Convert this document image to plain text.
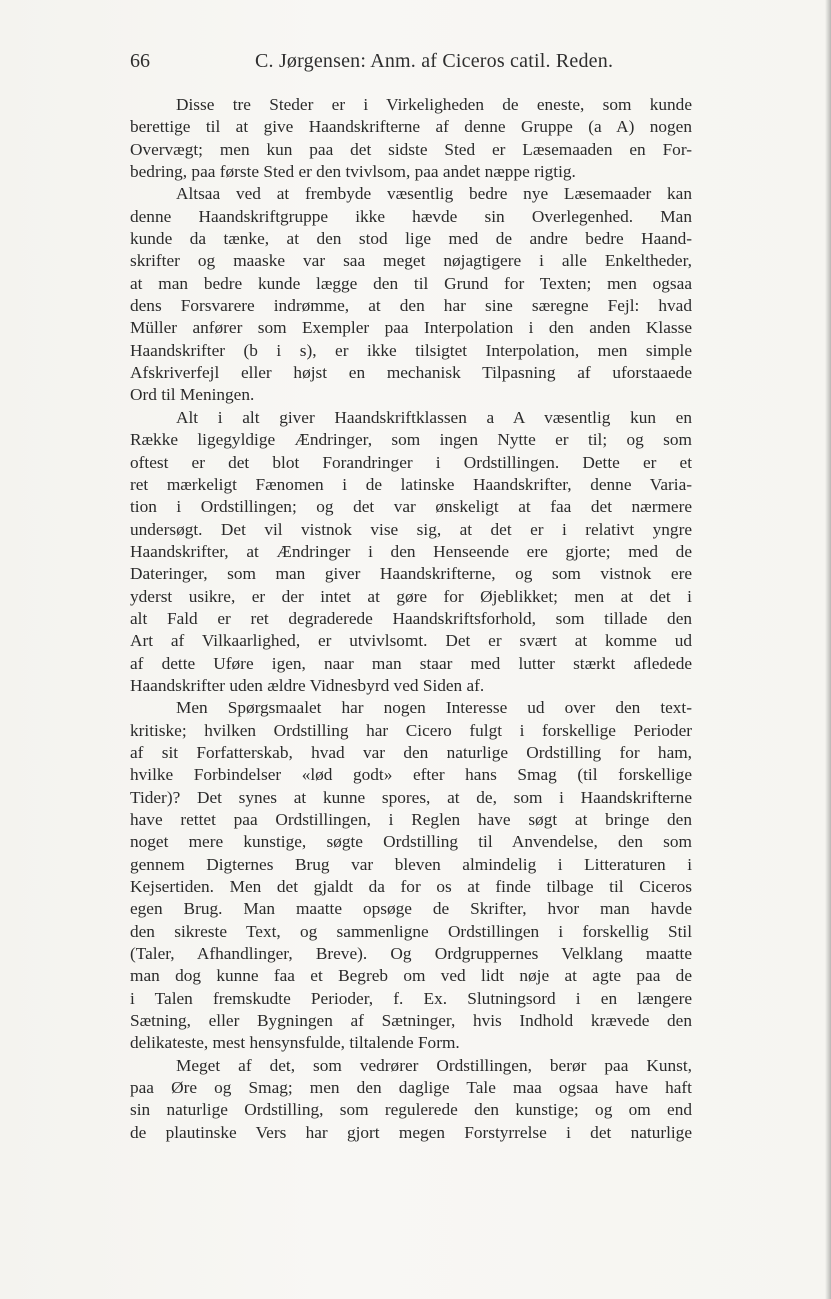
66	C. Jørgensen: Anm. af Ciceros catil. Reden.
Disse tre Steder er i Virkeligheden de eneste, som kunde
berettige til at give Haandskrifterne af denne Gruppe (a A) nogen
Overvægt; men kun paa det sidste Sted er Læsemaaden en For-
bedring, paa første Sted er den tvivlsom, paa andet næppe rigtig.
Altsaa ved at frembyde væsentlig bedre nye Læsemaader kan
denne Haandskriftgruppe ikke hævde sin Overlegenhed. Man
kunde da tænke, at den stod lige med de andre bedre Haand-
skrifter og maaske var saa meget nøjagtigere i alle Enkeltheder,
at man bedre kunde lægge den til Grund for Texten; men ogsaa
dens Forsvarere indrømme, at den har sine særegne Fejl: hvad
Müller anfører som Exempler paa Interpolation i den anden Klasse
Haandskrifter (b i s), er ikke tilsigtet Interpolation, men simple
Afskriverfejl eller højst en mechanisk Tilpasning af uforstaaede
Ord til Meningen.
Alt i alt giver Haandskriftklassen a A væsentlig kun en
Række ligegyldige Ændringer, som ingen Nytte er til; og som
oftest er det blot Forandringer i Ordstillingen. Dette er et
ret mærkeligt Fænomen i de latinske Haandskrifter, denne Varia-
tion i Ordstillingen; og det var ønskeligt at faa det nærmere
undersøgt. Det vil vistnok vise sig, at det er i relativt yngre
Haandskrifter, at Ændringer i den Henseende ere gjorte; med de
Dateringer, som man giver Haandskrifterne, og som vistnok ere
yderst usikre, er der intet at gøre for Øjeblikket; men at det i
alt Fald er ret degraderede Haandskriftsforhold, som tillade den
Art af Vilkaarlighed, er utvivlsomt. Det er svært at komme ud
af dette Uføre igen, naar man staar med lutter stærkt afledede
Haandskrifter uden ældre Vidnesbyrd ved Siden af.
Men Spørgsmaalet har nogen Interesse ud over den text-
kritiske; hvilken Ordstilling har Cicero fulgt i forskellige Perioder
af sit Forfatterskab, hvad var den naturlige Ordstilling for ham,
hvilke Forbindelser «lød godt» efter hans Smag (til forskellige
Tider)? Det synes at kunne spores, at de, som i Haandskrifterne
have rettet paa Ordstillingen, i Reglen have søgt at bringe den
noget mere kunstige, søgte Ordstilling til Anvendelse, den som
gennem Digternes Brug var bleven almindelig i Litteraturen i
Kejsertiden. Men det gjaldt da for os at finde tilbage til Ciceros
egen Brug. Man maatte opsøge de Skrifter, hvor man havde
den sikreste Text, og sammenligne Ordstillingen i forskellig Stil
(Taler, Afhandlinger, Breve). Og Ordgruppernes Velklang maatte
man dog kunne faa et Begreb om ved lidt nøje at agte paa de
i Talen fremskudte Perioder, f. Ex. Slutningsord i en længere
Sætning, eller Bygningen af Sætninger, hvis Indhold krævede den
delikateste, mest hensynsfulde, tiltalende Form.
Meget af det, som vedrører Ordstillingen, berør paa Kunst,
paa Øre og Smag; men den daglige Tale maa ogsaa have haft
sin naturlige Ordstilling, som regulerede den kunstige; og om end
de plautinske Vers har gjort megen Forstyrrelse i det naturlige
